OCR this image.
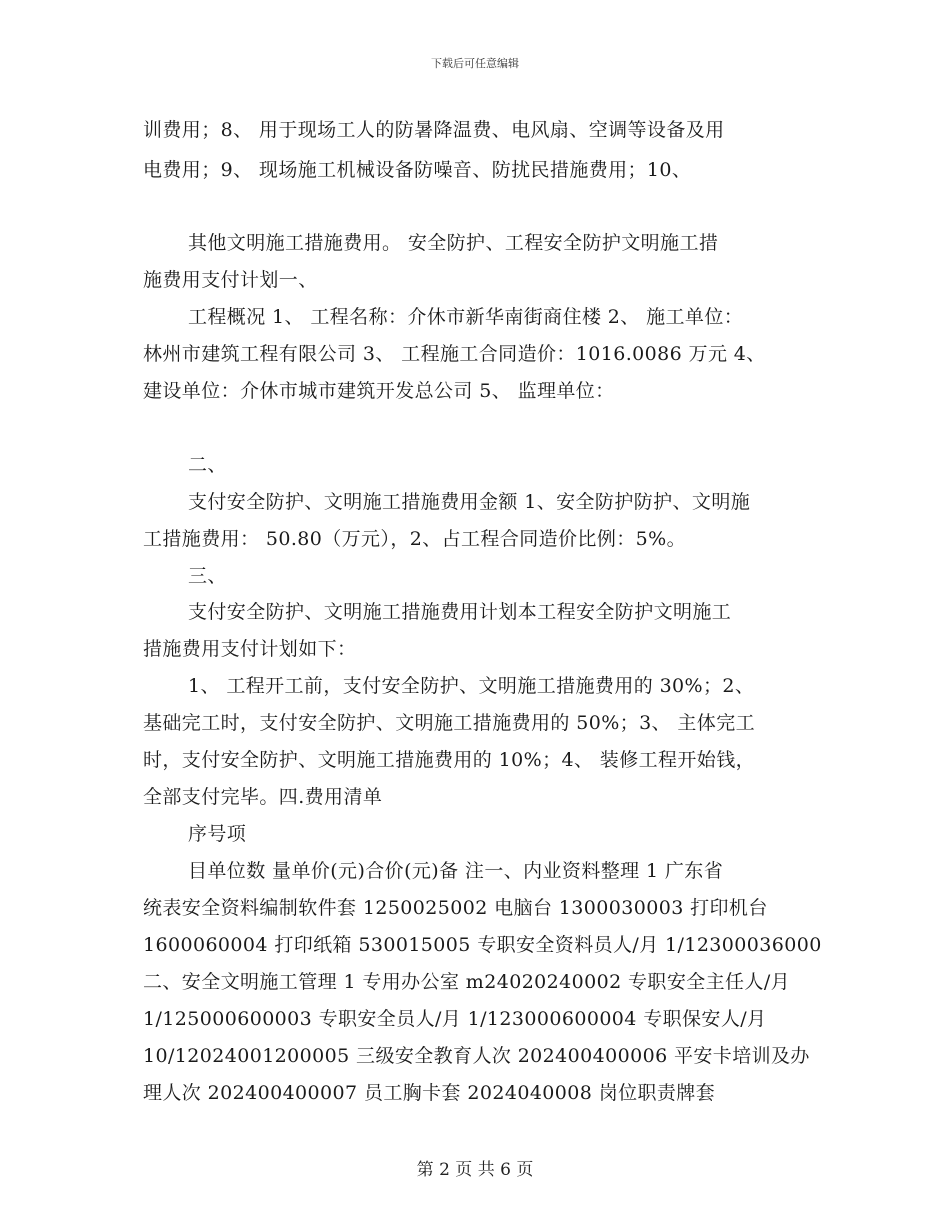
下载后可任意编辑
训费用；8、 用于现场工人的防暑降温费、电风扇、空调等设备及用
电费用；9、 现场施工机械设备防噪音、防扰民措施费用；10、
其他文明施工措施费用。 安全防护、工程安全防护文明施工措
施费用支付计划一、
工程概况 1、 工程名称：介休市新华南街商住楼 2、 施工单位：
林州市建筑工程有限公司 3、 工程施工合同造价：1016.0086 万元 4、
建设单位：介休市城市建筑开发总公司 5、 监理单位：
二、
支付安全防护、文明施工措施费用金额 1、安全防护防护、文明施
工措施费用： 50.80（万元），2、占工程合同造价比例：5%。
三、
支付安全防护、文明施工措施费用计划本工程安全防护文明施工
措施费用支付计划如下：
1、 工程开工前，支付安全防护、文明施工措施费用的 30%；2、
基础完工时，支付安全防护、文明施工措施费用的 50%；3、 主体完工
时，支付安全防护、文明施工措施费用的 10%；4、 装修工程开始钱，
全部支付完毕。四.费用清单
序号项
目单位数 量单价(元)合价(元)备 注一、内业资料整理 1 广东省
统表安全资料编制软件套 1250025002 电脑台 1300030003 打印机台
1600060004 打印纸箱 530015005 专职安全资料员人/月 1/12300036000
二、安全文明施工管理 1 专用办公室 m24020240002 专职安全主任人/月
1/125000600003 专职安全员人/月 1/123000600004 专职保安人/月
10/12024001200005 三级安全教育人次 202400400006 平安卡培训及办
理人次 202400400007 员工胸卡套 2024040008 岗位职责牌套
第 2 页 共 6 页
